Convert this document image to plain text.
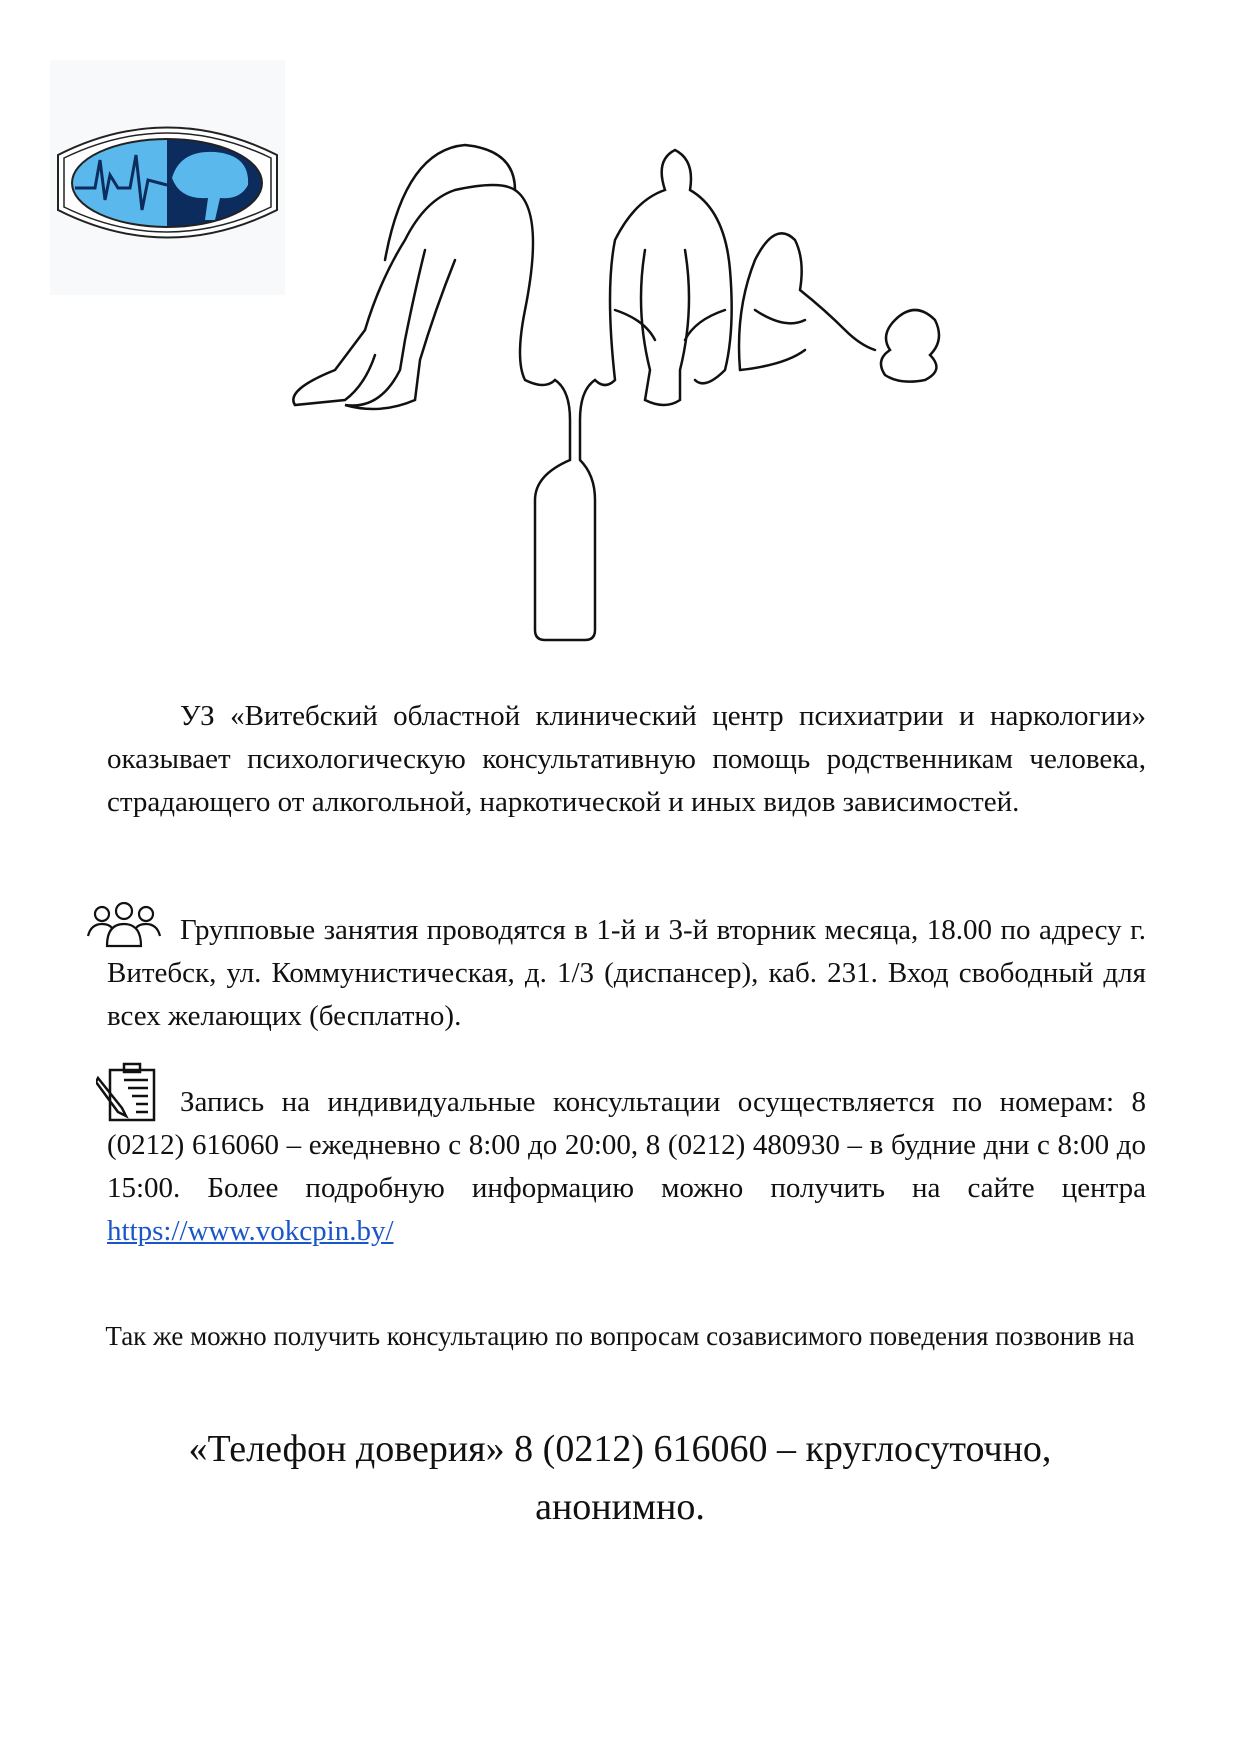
УЗ «Витебский областной клинический центр психиатрии и наркологии» оказывает психологическую консультативную помощь родственникам человека, страдающего от алкогольной, наркотической и иных видов зависимостей.
Групповые занятия проводятся в 1-й и 3-й вторник месяца, 18.00 по адресу г. Витебск, ул. Коммунистическая, д. 1/3 (диспансер), каб. 231. Вход свободный для всех желающих (бесплатно).
Запись на индивидуальные консультации осуществляется по номерам: 8 (0212) 616060 – ежедневно с 8:00 до 20:00, 8 (0212) 480930 – в будние дни с 8:00 до 15:00. Более подробную информацию можно получить на сайте центра https://www.vokcpin.by/
Так же можно получить консультацию по вопросам созависимого поведения позвонив на
«Телефон доверия» 8 (0212) 616060 – круглосуточно, анонимно.
